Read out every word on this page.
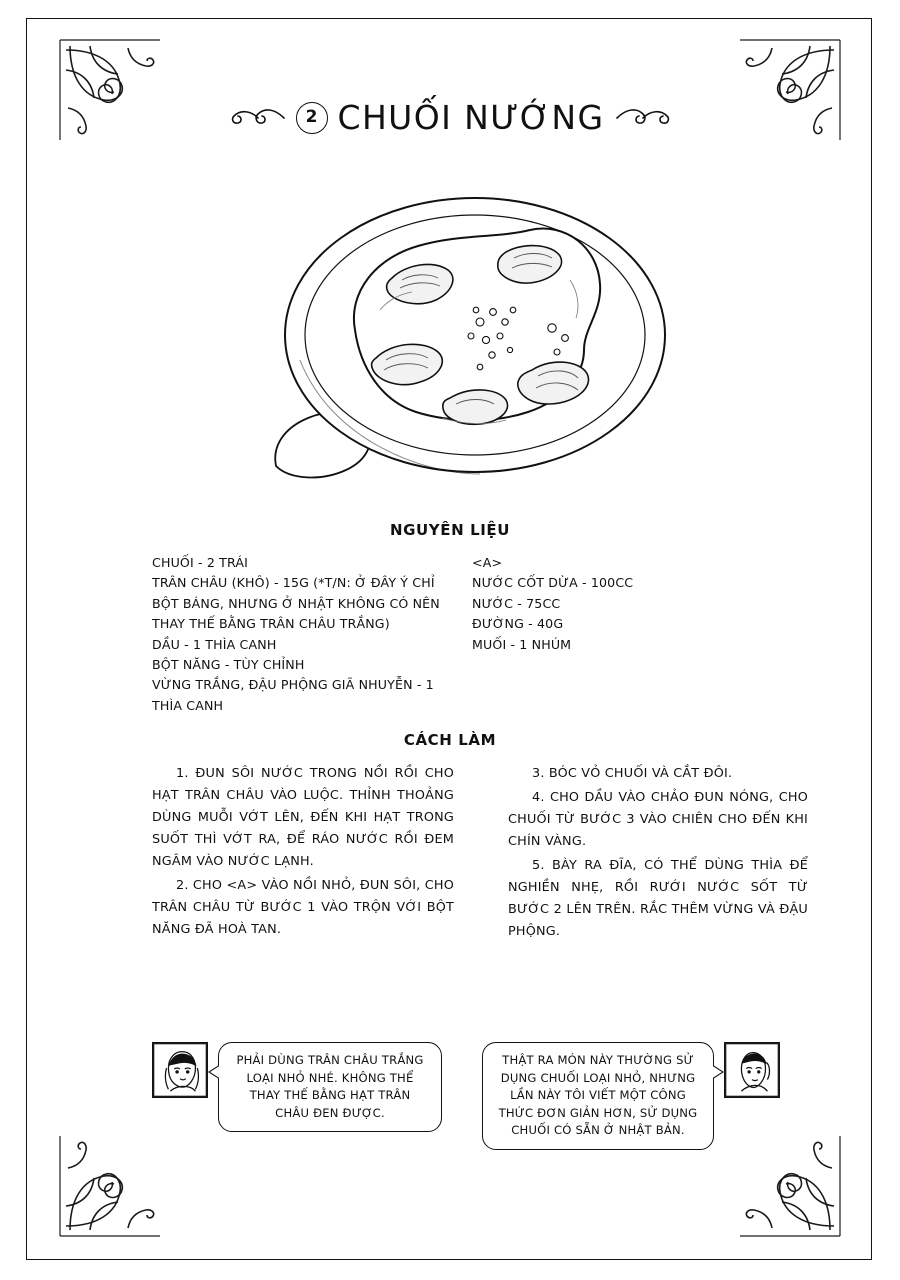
2 CHUỐI NƯỚNG
NGUYÊN LIỆU
CHUỐI - 2 TRÁI
TRÂN CHÂU (KHÔ) - 15G (*T/N: Ở ĐÂY Ý CHỈ BỘT BÁNG, NHƯNG Ở NHẬT KHÔNG CÓ NÊN THAY THẾ BẰNG TRÂN CHÂU TRẮNG)
DẦU - 1 THÌA CANH
BỘT NĂNG - TÙY CHỈNH
VỪNG TRẮNG, ĐẬU PHỘNG GIÃ NHUYỄN - 1 THÌA CANH
<A>
NƯỚC CỐT DỪA - 100CC
NƯỚC - 75CC
ĐƯỜNG - 40G
MUỐI - 1 NHÚM
CÁCH LÀM

1. ĐUN SÔI NƯỚC TRONG NỒI RỒI CHO HẠT TRÂN CHÂU VÀO LUỘC. THỈNH THOẢNG DÙNG MUỖI VỚT LÊN, ĐẾN KHI HẠT TRONG SUỐT THÌ VỚT RA, ĐỂ RÁO NƯỚC RỒI ĐEM NGÂM VÀO NƯỚC LẠNH.

2. CHO <A> VÀO NỒI NHỎ, ĐUN SÔI, CHO TRÂN CHÂU TỪ BƯỚC 1 VÀO TRỘN VỚI BỘT NĂNG ĐÃ HOÀ TAN.

3. BÓC VỎ CHUỐI VÀ CẮT ĐÔI.

4. CHO DẦU VÀO CHẢO ĐUN NÓNG, CHO CHUỐI TỪ BƯỚC 3 VÀO CHIÊN CHO ĐẾN KHI CHÍN VÀNG.

5. BÀY RA ĐĨA, CÓ THỂ DÙNG THÌA ĐỂ NGHIỀN NHẸ, RỒI RƯỚI NƯỚC SỐT TỪ BƯỚC 2 LÊN TRÊN. RẮC THÊM VỪNG VÀ ĐẬU PHỘNG.

PHẢI DÙNG TRÂN CHÂU TRẮNG LOẠI NHỎ NHÉ. KHÔNG THỂ THAY THẾ BẰNG HẠT TRÂN CHÂU ĐEN ĐƯỢC.
THẬT RA MÓN NÀY THƯỜNG SỬ DỤNG CHUỐI LOẠI NHỎ, NHƯNG LẦN NÀY TÔI VIẾT MỘT CÔNG THỨC ĐƠN GIẢN HƠN, SỬ DỤNG CHUỐI CÓ SẴN Ở NHẬT BẢN.
